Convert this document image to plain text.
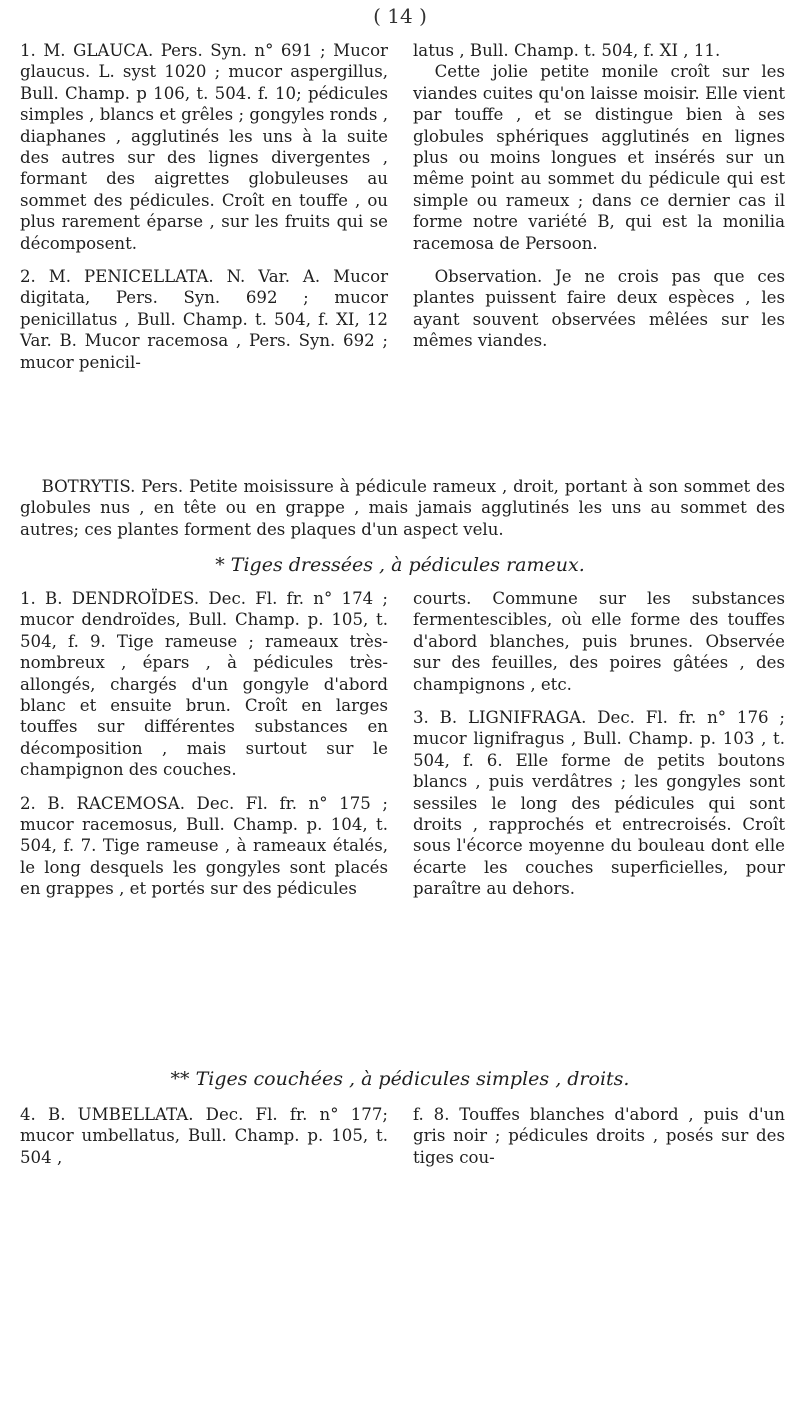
( 14 )

1. M. GLAUCA. Pers. Syn. n° 691 ; Mucor glaucus. L. syst 1020 ; mucor aspergillus, Bull. Champ. p 106, t. 504. f. 10; pédicules simples , blancs et grêles ; gongyles ronds , diaphanes , agglutinés les uns à la suite des autres sur des lignes divergentes , formant des aigrettes globuleuses au sommet des pédicules. Croît en touffe , ou plus rarement éparse , sur les fruits qui se décomposent.

2. M. PENICELLATA. N. Var. A. Mucor digitata, Pers. Syn. 692 ; mucor penicillatus , Bull. Champ. t. 504, f. XI, 12 Var. B. Mucor racemosa , Pers. Syn. 692 ; mucor penicil-

latus , Bull. Champ. t. 504, f. XI , 11.

Cette jolie petite monile croît sur les viandes cuites qu'on laisse moisir. Elle vient par touffe , et se distingue bien à ses globules sphériques agglutinés en lignes plus ou moins longues et insérés sur un même point au sommet du pédicule qui est simple ou rameux ; dans ce dernier cas il forme notre variété B, qui est la monilia racemosa de Persoon.

Observation. Je ne crois pas que ces plantes puissent faire deux espèces , les ayant souvent observées mêlées sur les mêmes viandes.

BOTRYTIS. Pers. Petite moisissure à pédicule rameux , droit, portant à son sommet des globules nus , en tête ou en grappe , mais jamais agglutinés les uns au sommet des autres; ces plantes forment des plaques d'un aspect velu.
* Tiges dressées , à pédicules rameux.

1. B. DENDROÏDES. Dec. Fl. fr. n° 174 ; mucor dendroïdes, Bull. Champ. p. 105, t. 504, f. 9. Tige rameuse ; rameaux très-nombreux , épars , à pédicules très-allongés, chargés d'un gongyle d'abord blanc et ensuite brun. Croît en larges touffes sur différentes substances en décomposition , mais surtout sur le champignon des couches.

2. B. RACEMOSA. Dec. Fl. fr. n° 175 ; mucor racemosus, Bull. Champ. p. 104, t. 504, f. 7. Tige rameuse , à rameaux étalés, le long desquels les gongyles sont placés en grappes , et portés sur des pédicules

courts. Commune sur les substances fermentescibles, où elle forme des touffes d'abord blanches, puis brunes. Observée sur des feuilles, des poires gâtées , des champignons , etc.

3. B. LIGNIFRAGA. Dec. Fl. fr. n° 176 ; mucor lignifragus , Bull. Champ. p. 103 , t. 504, f. 6. Elle forme de petits boutons blancs , puis verdâtres ; les gongyles sont sessiles le long des pédicules qui sont droits , rapprochés et entrecroisés. Croît sous l'écorce moyenne du bouleau dont elle écarte les couches superficielles, pour paraître au dehors.

** Tiges couchées , à pédicules simples , droits.

4. B. UMBELLATA. Dec. Fl. fr. n° 177; mucor umbellatus, Bull. Champ. p. 105, t. 504 ,

f. 8. Touffes blanches d'abord , puis d'un gris noir ; pédicules droits , posés sur des tiges cou-
